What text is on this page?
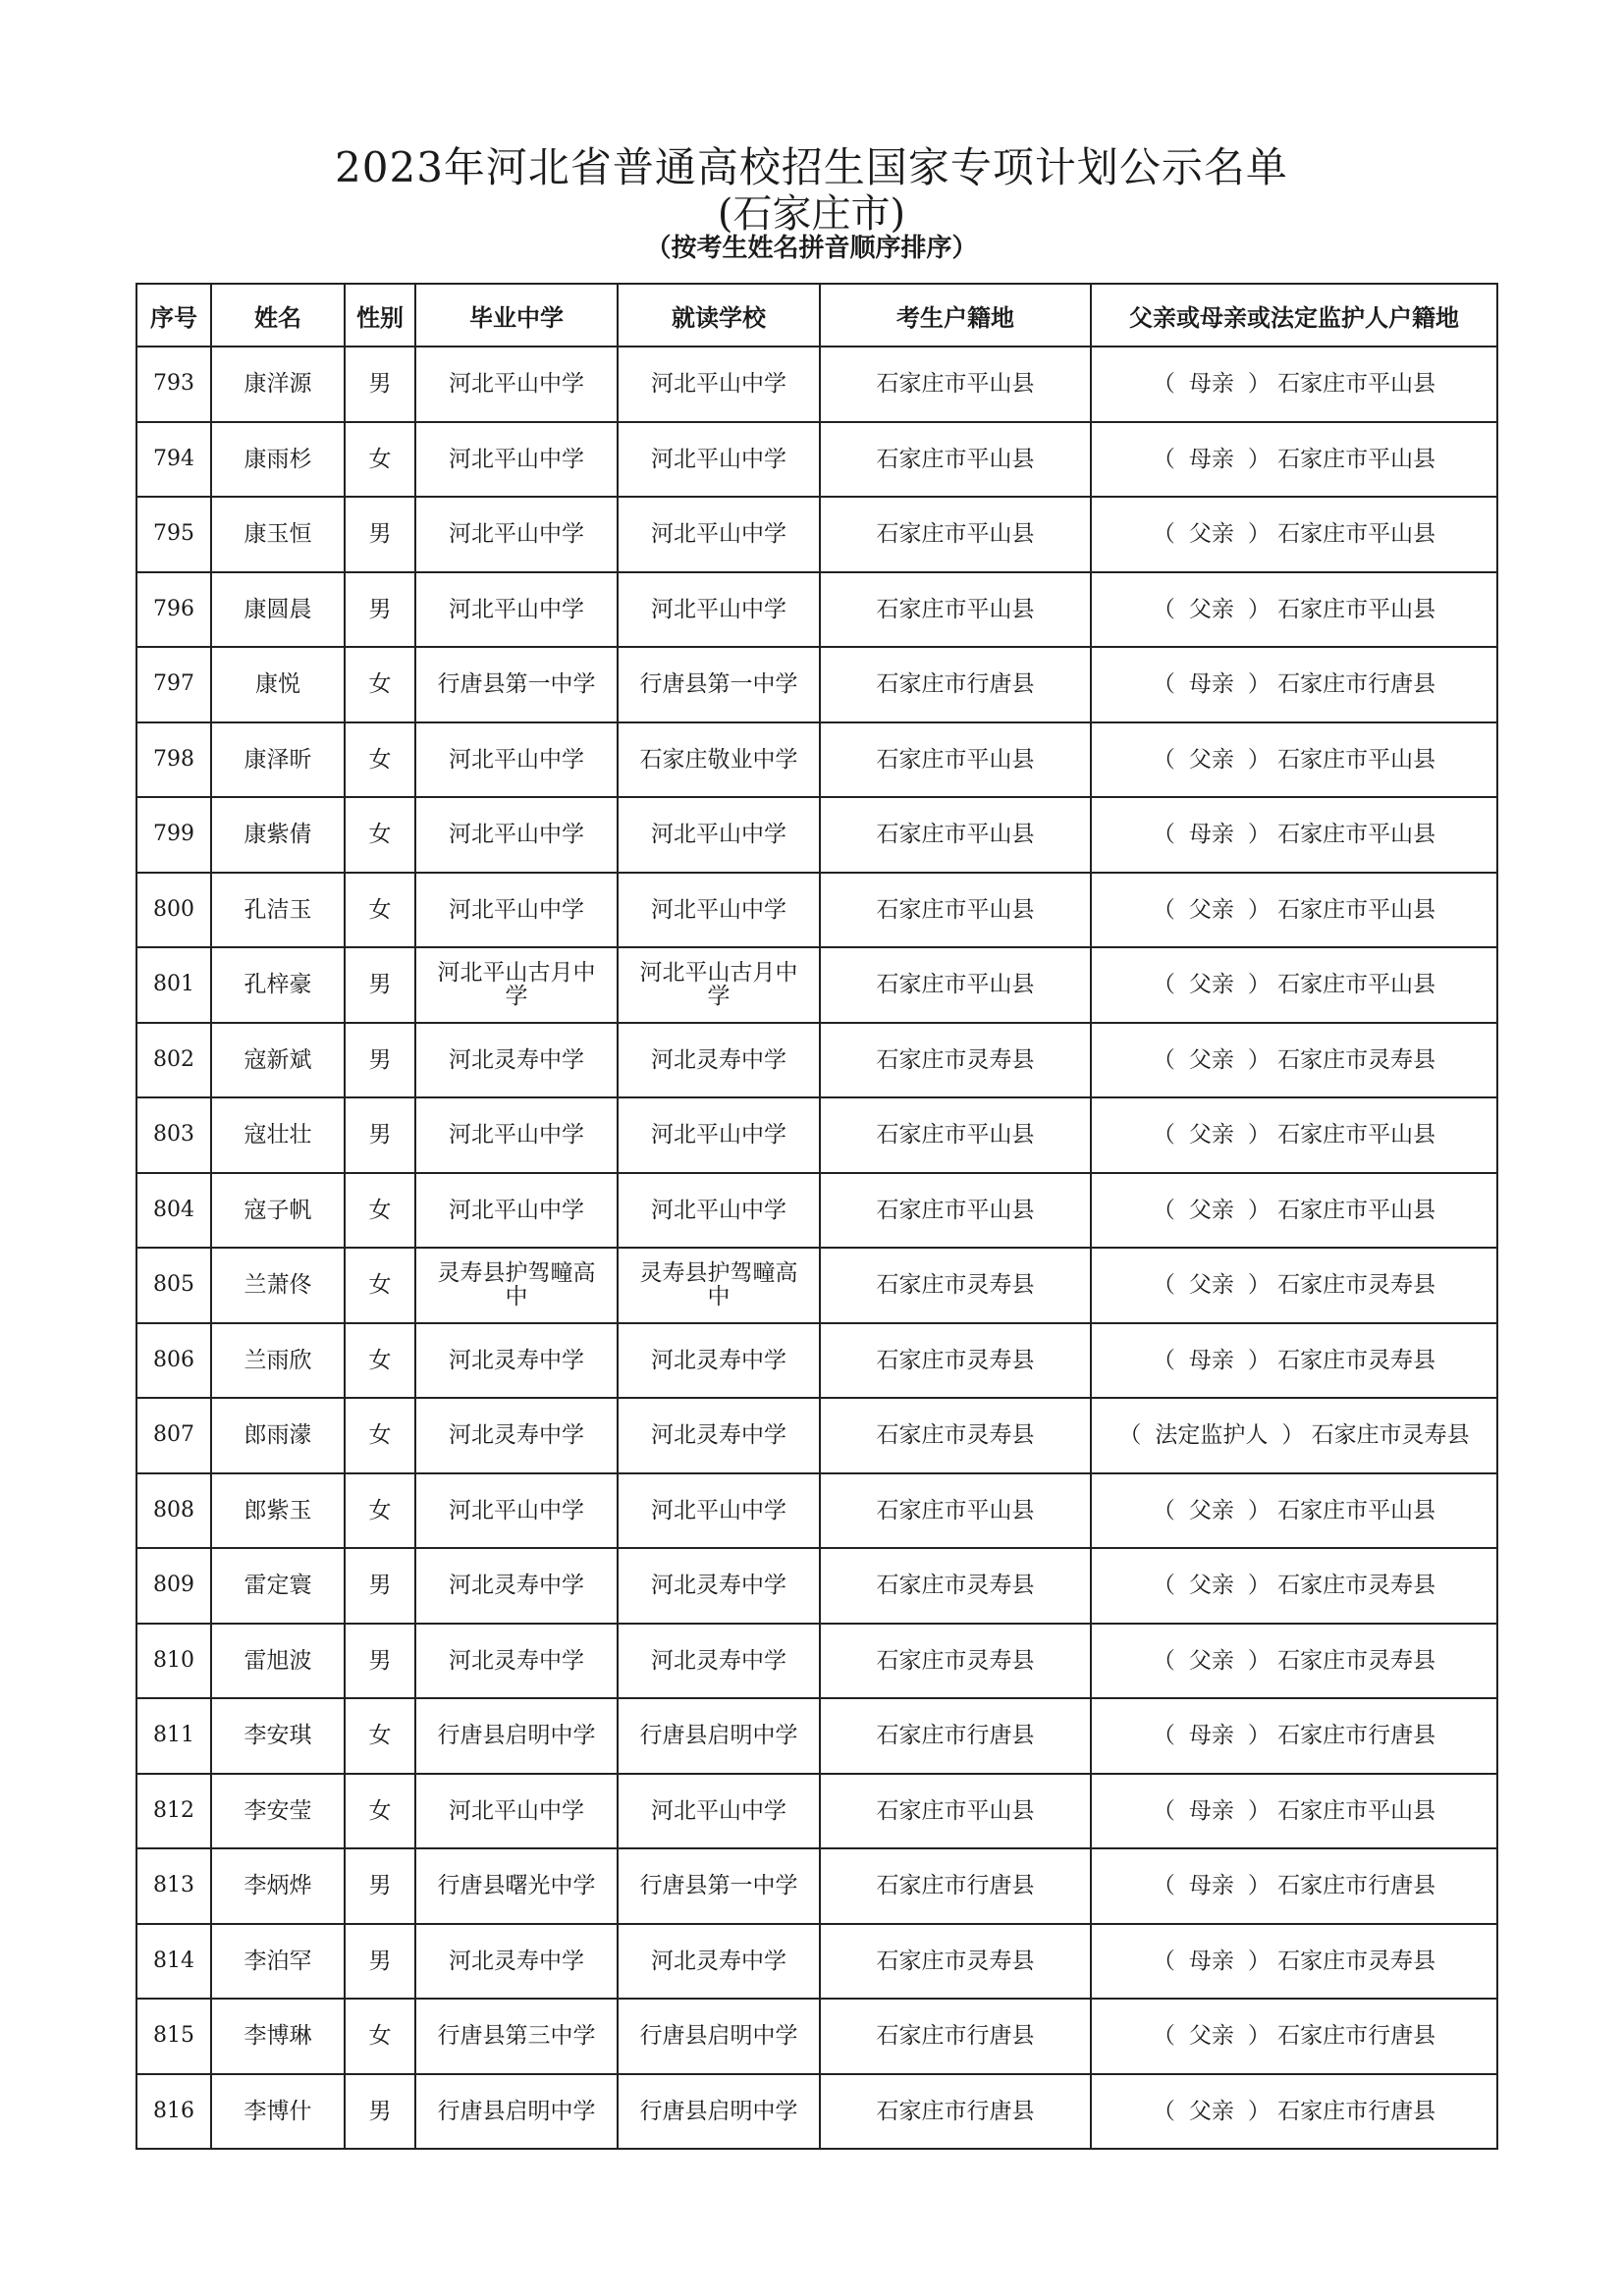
2023年河北省普通高校招生国家专项计划公示名单
(石家庄市)
（按考生姓名拼音顺序排序）
序号	姓名	性别	毕业中学	就读学校	考生户籍地	父亲或母亲或法定监护人户籍地
793	康洋源	男	河北平山中学	河北平山中学	石家庄市平山县	（ 母亲 ） 石家庄市平山县
794	康雨杉	女	河北平山中学	河北平山中学	石家庄市平山县	（ 母亲 ） 石家庄市平山县
795	康玉恒	男	河北平山中学	河北平山中学	石家庄市平山县	（ 父亲 ） 石家庄市平山县
796	康圆晨	男	河北平山中学	河北平山中学	石家庄市平山县	（ 父亲 ） 石家庄市平山县
797	康悦	女	行唐县第一中学	行唐县第一中学	石家庄市行唐县	（ 母亲 ） 石家庄市行唐县
798	康泽昕	女	河北平山中学	石家庄敬业中学	石家庄市平山县	（ 父亲 ） 石家庄市平山县
799	康紫倩	女	河北平山中学	河北平山中学	石家庄市平山县	（ 母亲 ） 石家庄市平山县
800	孔洁玉	女	河北平山中学	河北平山中学	石家庄市平山县	（ 父亲 ） 石家庄市平山县
801	孔梓豪	男	河北平山古月中学	河北平山古月中学	石家庄市平山县	（ 父亲 ） 石家庄市平山县
802	寇新斌	男	河北灵寿中学	河北灵寿中学	石家庄市灵寿县	（ 父亲 ） 石家庄市灵寿县
803	寇壮壮	男	河北平山中学	河北平山中学	石家庄市平山县	（ 父亲 ） 石家庄市平山县
804	寇子帆	女	河北平山中学	河北平山中学	石家庄市平山县	（ 父亲 ） 石家庄市平山县
805	兰萧佟	女	灵寿县护驾疃高中	灵寿县护驾疃高中	石家庄市灵寿县	（ 父亲 ） 石家庄市灵寿县
806	兰雨欣	女	河北灵寿中学	河北灵寿中学	石家庄市灵寿县	（ 母亲 ） 石家庄市灵寿县
807	郎雨濛	女	河北灵寿中学	河北灵寿中学	石家庄市灵寿县	（ 法定监护人 ） 石家庄市灵寿县
808	郎紫玉	女	河北平山中学	河北平山中学	石家庄市平山县	（ 父亲 ） 石家庄市平山县
809	雷定寰	男	河北灵寿中学	河北灵寿中学	石家庄市灵寿县	（ 父亲 ） 石家庄市灵寿县
810	雷旭波	男	河北灵寿中学	河北灵寿中学	石家庄市灵寿县	（ 父亲 ） 石家庄市灵寿县
811	李安琪	女	行唐县启明中学	行唐县启明中学	石家庄市行唐县	（ 母亲 ） 石家庄市行唐县
812	李安莹	女	河北平山中学	河北平山中学	石家庄市平山县	（ 母亲 ） 石家庄市平山县
813	李炳烨	男	行唐县曙光中学	行唐县第一中学	石家庄市行唐县	（ 母亲 ） 石家庄市行唐县
814	李泊罕	男	河北灵寿中学	河北灵寿中学	石家庄市灵寿县	（ 母亲 ） 石家庄市灵寿县
815	李博琳	女	行唐县第三中学	行唐县启明中学	石家庄市行唐县	（ 父亲 ） 石家庄市行唐县
816	李博什	男	行唐县启明中学	行唐县启明中学	石家庄市行唐县	（ 父亲 ） 石家庄市行唐县
